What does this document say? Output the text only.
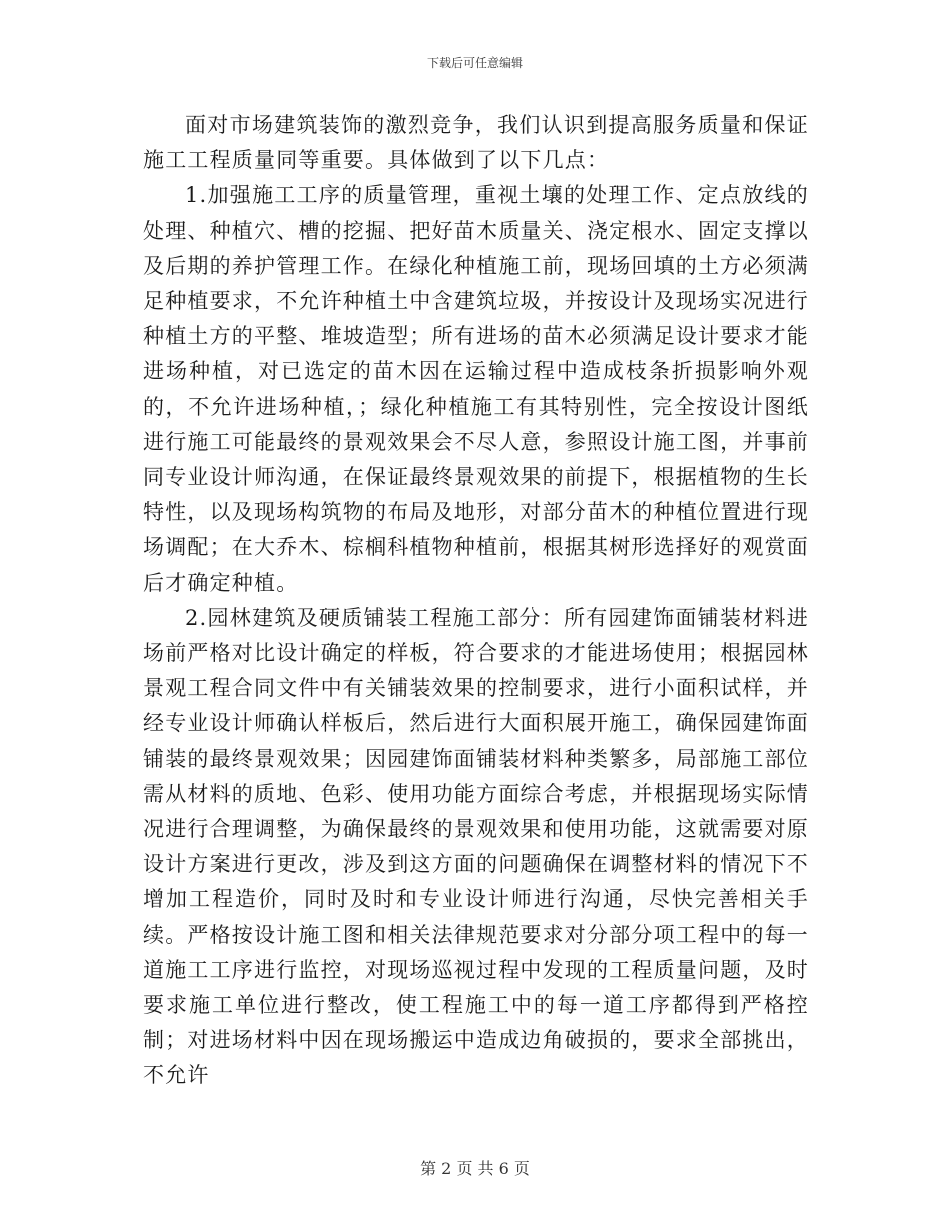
下载后可任意编辑

面对市场建筑装饰的激烈竞争，我们认识到提高服务质量和保证施工工程质量同等重要。具体做到了以下几点：

1.加强施工工序的质量管理，重视土壤的处理工作、定点放线的处理、种植穴、槽的挖掘、把好苗木质量关、浇定根水、固定支撑以及后期的养护管理工作。在绿化种植施工前，现场回填的土方必须满足种植要求，不允许种植土中含建筑垃圾，并按设计及现场实况进行种植土方的平整、堆坡造型；所有进场的苗木必须满足设计要求才能进场种植，对已选定的苗木因在运输过程中造成枝条折损影响外观的，不允许进场种植，；绿化种植施工有其特别性，完全按设计图纸进行施工可能最终的景观效果会不尽人意，参照设计施工图，并事前同专业设计师沟通，在保证最终景观效果的前提下，根据植物的生长特性，以及现场构筑物的布局及地形，对部分苗木的种植位置进行现场调配；在大乔木、棕榈科植物种植前，根据其树形选择好的观赏面后才确定种植。

2.园林建筑及硬质铺装工程施工部分：所有园建饰面铺装材料进场前严格对比设计确定的样板，符合要求的才能进场使用；根据园林景观工程合同文件中有关铺装效果的控制要求，进行小面积试样，并经专业设计师确认样板后，然后进行大面积展开施工，确保园建饰面铺装的最终景观效果；因园建饰面铺装材料种类繁多，局部施工部位需从材料的质地、色彩、使用功能方面综合考虑，并根据现场实际情况进行合理调整，为确保最终的景观效果和使用功能，这就需要对原设计方案进行更改，涉及到这方面的问题确保在调整材料的情况下不增加工程造价，同时及时和专业设计师进行沟通，尽快完善相关手续。严格按设计施工图和相关法律规范要求对分部分项工程中的每一道施工工序进行监控，对现场巡视过程中发现的工程质量问题，及时要求施工单位进行整改，使工程施工中的每一道工序都得到严格控制；对进场材料中因在现场搬运中造成边角破损的，要求全部挑出，不允许

第 2 页 共 6 页
